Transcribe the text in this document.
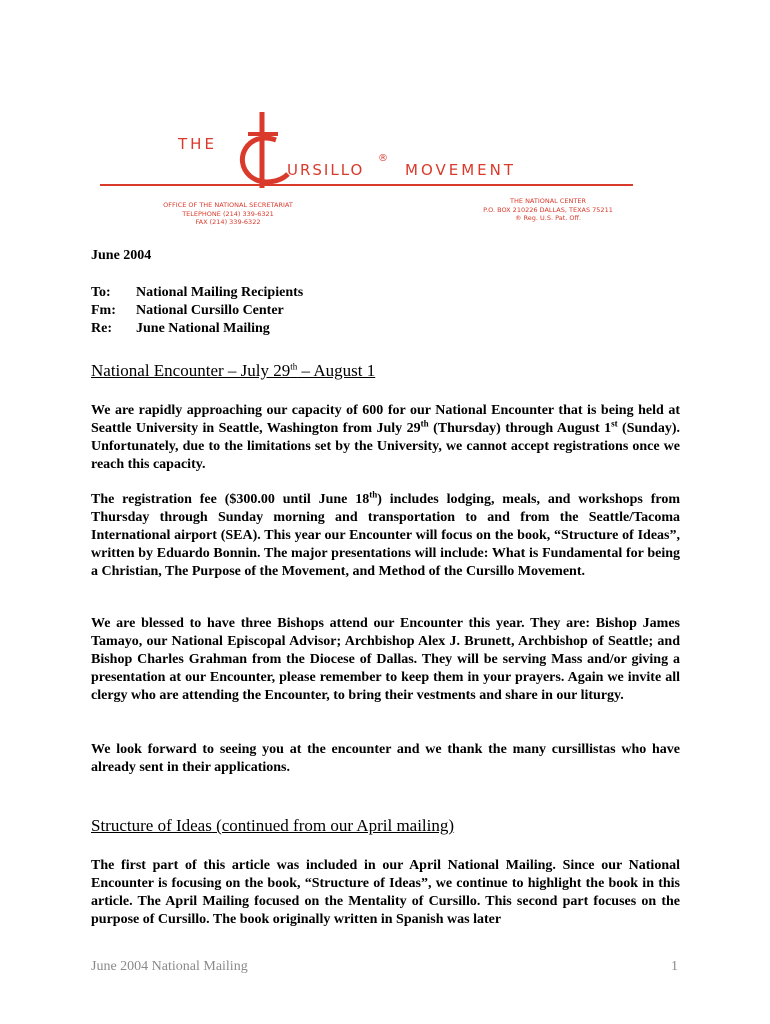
THE
URSILLO
®
MOVEMENT
OFFICE OF THE NATIONAL SECRETARIAT
TELEPHONE (214) 339-6321
FAX (214) 339-6322
THE NATIONAL CENTER
P.O. BOX 210226 DALLAS, TEXAS 75211
® Reg. U.S. Pat. Off.
June 2004
To: National Mailing Recipients
Fm: National Cursillo Center
Re: June National Mailing
National Encounter – July 29th – August 1
We are rapidly approaching our capacity of 600 for our National Encounter that is being held at Seattle University in Seattle, Washington from July 29th (Thursday) through August 1st (Sunday). Unfortunately, due to the limitations set by the University, we cannot accept registrations once we reach this capacity.
The registration fee ($300.00 until June 18th) includes lodging, meals, and workshops from Thursday through Sunday morning and transportation to and from the Seattle/Tacoma International airport (SEA). This year our Encounter will focus on the book, “Structure of Ideas”, written by Eduardo Bonnin. The major presentations will include: What is Fundamental for being a Christian, The Purpose of the Movement, and Method of the Cursillo Movement.
We are blessed to have three Bishops attend our Encounter this year. They are: Bishop James Tamayo, our National Episcopal Advisor; Archbishop Alex J. Brunett, Archbishop of Seattle; and Bishop Charles Grahman from the Diocese of Dallas. They will be serving Mass and/or giving a presentation at our Encounter, please remember to keep them in your prayers. Again we invite all clergy who are attending the Encounter, to bring their vestments and share in our liturgy.
We look forward to seeing you at the encounter and we thank the many cursillistas who have already sent in their applications.
Structure of Ideas (continued from our April mailing)
The first part of this article was included in our April National Mailing. Since our National Encounter is focusing on the book, “Structure of Ideas”, we continue to highlight the book in this article. The April Mailing focused on the Mentality of Cursillo. This second part focuses on the purpose of Cursillo. The book originally written in Spanish was later
June 2004 National Mailing	1
